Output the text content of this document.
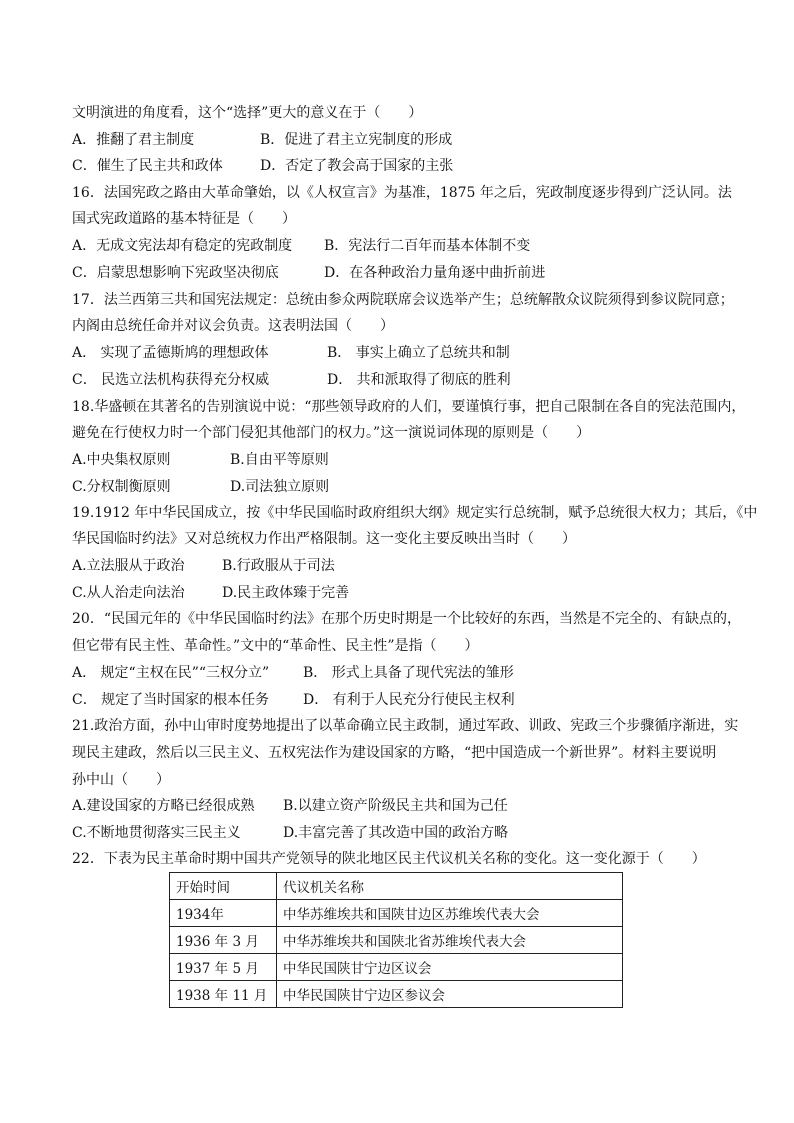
文明演进的角度看，这个“选择”更大的意义在于（　　）
A．推翻了君主制度	B．促进了君主立宪制度的形成
C．催生了民主共和政体	D．否定了教会高于国家的主张
16．法国宪政之路由大革命肇始，以《人权宣言》为基准，1875 年之后，宪政制度逐步得到广泛认同。法
国式宪政道路的基本特征是（　　）
A．无成文宪法却有稳定的宪政制度 B．宪法行二百年而基本体制不变
C．启蒙思想影响下宪政坚决彻底	D．在各种政治力量角逐中曲折前进
17．法兰西第三共和国宪法规定：总统由参众两院联席会议选举产生；总统解散众议院须得到参议院同意；
内阁由总统任命并对议会负责。这表明法国（　　）
A． 实现了孟德斯鸠的理想政体	B． 事实上确立了总统共和制
C． 民选立法机构获得充分权威	D． 共和派取得了彻底的胜利
18.华盛顿在其著名的告别演说中说：“那些领导政府的人们，要谨慎行事，把自己限制在各自的宪法范围内，
避免在行使权力时一个部门侵犯其他部门的权力。”这一演说词体现的原则是（　　）
A.中央集权原则	B.自由平等原则
C.分权制衡原则	D.司法独立原则
19.1912 年中华民国成立，按《中华民国临时政府组织大纲》规定实行总统制，赋予总统很大权力；其后，《中
华民国临时约法》又对总统权力作出严格限制。这一变化主要反映出当时（　　）
A.立法服从于政治	B.行政服从于司法
C.从人治走向法治	D.民主政体臻于完善
20．“民国元年的《中华民国临时约法》在那个历史时期是一个比较好的东西，当然是不完全的、有缺点的，
但它带有民主性、革命性。”文中的“革命性、民主性”是指（　　）
A． 规定“主权在民”“三权分立” B． 形式上具备了现代宪法的雏形
C． 规定了当时国家的根本任务 D． 有利于人民充分行使民主权利
21.政治方面，孙中山审时度势地提出了以革命确立民主政制，通过军政、训政、宪政三个步骤循序渐进，实
现民主建政，然后以三民主义、五权宪法作为建设国家的方略，“把中国造成一个新世界”。材料主要说明
孙中山（　　）
A.建设国家的方略已经很成熟 B.以建立资产阶级民主共和国为己任
C.不断地贯彻落实三民主义	D.丰富完善了其改造中国的政治方略
22．下表为民主革命时期中国共产党领导的陕北地区民主代议机关名称的变化。这一变化源于（　　）
开始时间	代议机关名称
1934年	中华苏维埃共和国陕甘边区苏维埃代表大会
1936 年 3 月	中华苏维埃共和国陕北省苏维埃代表大会
1937 年 5 月	中华民国陕甘宁边区议会
1938 年 11 月	中华民国陕甘宁边区参议会
